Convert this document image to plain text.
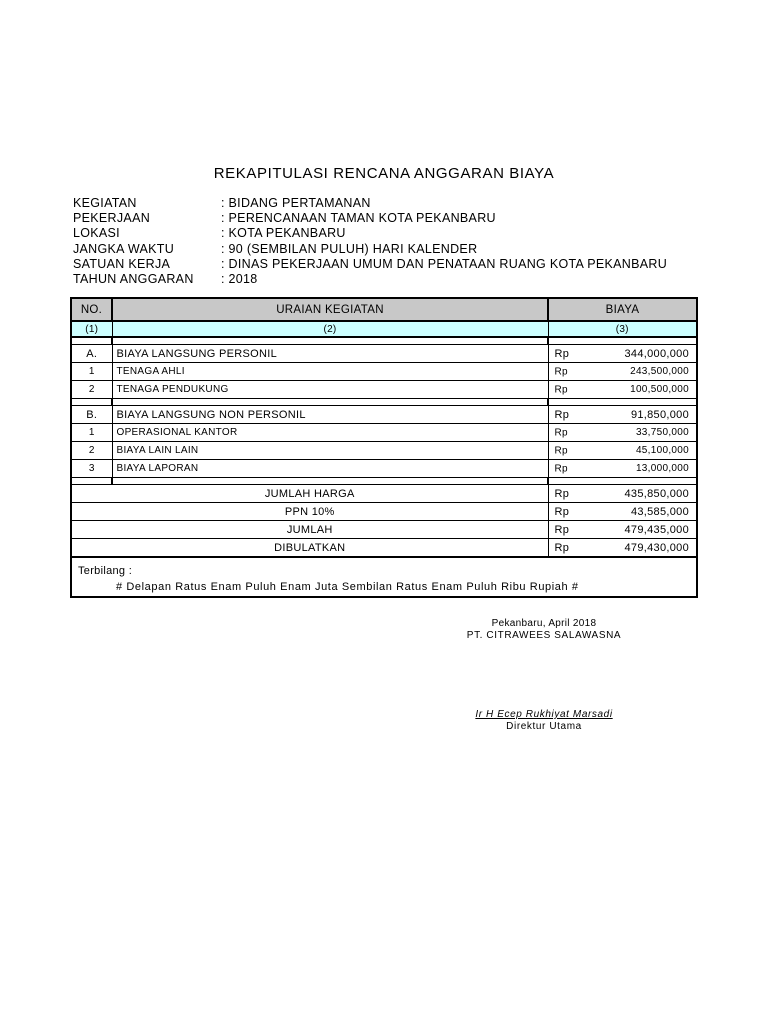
REKAPITULASI RENCANA ANGGARAN BIAYA
KEGIATAN	: BIDANG PERTAMANAN
PEKERJAAN	: PERENCANAAN TAMAN KOTA PEKANBARU
LOKASI	: KOTA PEKANBARU
JANGKA WAKTU	: 90 (SEMBILAN PULUH) HARI KALENDER
SATUAN KERJA	: DINAS PEKERJAAN UMUM DAN PENATAAN RUANG KOTA PEKANBARU
TAHUN ANGGARAN : 2018
NO.	URAIAN KEGIATAN	BIAYA
(1)	(2)	(3)

A.	BIAYA LANGSUNG PERSONIL	Rp 344,000,000

1	TENAGA AHLI	Rp 243,500,000

2	TENAGA PENDUKUNG	Rp 100,500,000

B.	BIAYA LANGSUNG NON PERSONIL	Rp 91,850,000

1	OPERASIONAL KANTOR	Rp 33,750,000

2	BIAYA LAIN LAIN	Rp 45,100,000

3	BIAYA LAPORAN	Rp 13,000,000

JUMLAH HARGA		Rp 435,850,000

PPN 10%		Rp 43,585,000

JUMLAH		Rp 479,435,000

DIBULATKAN		Rp 479,430,000

Terbilang :
# Delapan Ratus Enam Puluh Enam Juta Sembilan Ratus Enam Puluh Ribu Rupiah #		
Pekanbaru, April 2018
PT. CITRAWEES SALAWASNA
Ir H Ecep Rukhiyat Marsadi
Direktur Utama
